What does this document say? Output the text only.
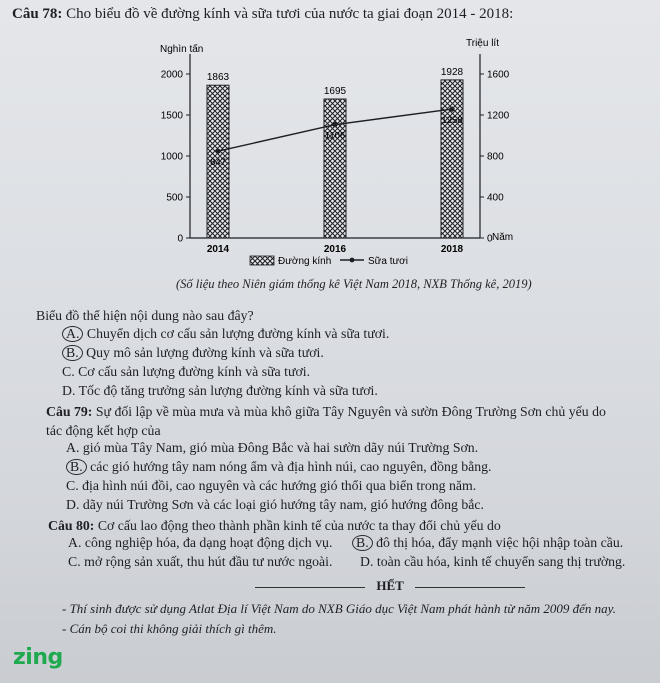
Câu 78: Cho biểu đồ về đường kính và sữa tươi của nước ta giai đoạn 2014 - 2018:
Nghìn tấn
Triệu lít
Năm
0
500
1000
1500
2000
0
400
800
1200
1600
1863
2014
1695
2016
1928
2018
847
1106
1258
Đường kính	Sữa tươi
(Số liệu theo Niên giám thống kê Việt Nam 2018, NXB Thống kê, 2019)
Biểu đồ thể hiện nội dung nào sau đây?
A. Chuyển dịch cơ cấu sản lượng đường kính và sữa tươi.
B. Quy mô sản lượng đường kính và sữa tươi.
C. Cơ cấu sản lượng đường kính và sữa tươi.
D. Tốc độ tăng trưởng sản lượng đường kính và sữa tươi.
Câu 79: Sự đối lập về mùa mưa và mùa khô giữa Tây Nguyên và sườn Đông Trường Sơn chủ yếu do
tác động kết hợp của
A. gió mùa Tây Nam, gió mùa Đông Bắc và hai sườn dãy núi Trường Sơn.
B. các gió hướng tây nam nóng ẩm và địa hình núi, cao nguyên, đồng bằng.
C. địa hình núi đồi, cao nguyên và các hướng gió thổi qua biển trong năm.
D. dãy núi Trường Sơn và các loại gió hướng tây nam, gió hướng đông bắc.
Câu 80: Cơ cấu lao động theo thành phần kinh tế của nước ta thay đổi chủ yếu do
A. công nghiệp hóa, đa dạng hoạt động dịch vụ. B. đô thị hóa, đẩy mạnh việc hội nhập toàn cầu.
C. mở rộng sản xuất, thu hút đầu tư nước ngoài. D. toàn cầu hóa, kinh tế chuyển sang thị trường.
HẾT
- Thí sinh được sử dụng Atlat Địa lí Việt Nam do NXB Giáo dục Việt Nam phát hành từ năm 2009 đến nay.
- Cán bộ coi thi không giải thích gì thêm.
zing
